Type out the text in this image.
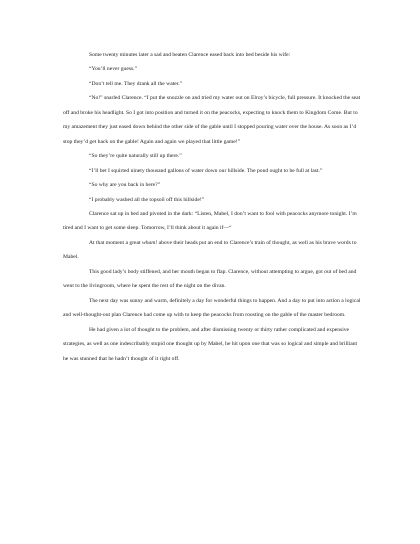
Some twenty minutes later a sad and beaten Clarence eased back into bed beside his wife:

“You’ll never guess.”

“Don’t tell me. They drank all the water.”

“No!” snarled Clarence. “I put the snozzle on and tried my water out on Elroy’s bicycle, full pressure. It knocked the seat off and broke his headlight. So I got into position and turned it on the peacocks, expecting to knock them to Kingdom Come. But to my amazement they just eased down behind the other side of the gable until I stopped pouring water over the house. As soon as I’d stop they’d get back on the gable! Again and again we played that little game!”

“So they’re quite naturally still up there.”

“I’ll bet I squirted ninety thousand gallons of water down our hillside. The pond ought to be full at last.”

“So why are you back in here?”

“I probably washed all the topsoil off this hillside!”

Clarence sat up in bed and pivoted in the dark: “Listen, Mabel, I don’t want to fool with peacocks anymore tonight. I’m tired and I want to get some sleep. Tomorrow, I’ll think about it again if—“

At that moment a great wham! above their heads put an end to Clarence’s train of thought, as well as his brave words to Mabel.

This good lady’s body stiffened, and her mouth began to flap. Clarence, without attempting to argue, got out of bed and went to the livingroom, where he spent the rest of the night on the divan.

The next day was sunny and warm, definitely a day for wonderful things to happen. And a day to put into action a logical and well-thought-out plan Clarence had come up with to keep the peacocks from roosting on the gable of the master bedroom.

He had given a lot of thought to the problem, and after dismissing twenty or thirty rather complicated and expensive strategies, as well as one indescribably stupid one thought up by Mabel, he hit upon one that was so logical and simple and brilliant he was stunned that he hadn’t thought of it right off.
